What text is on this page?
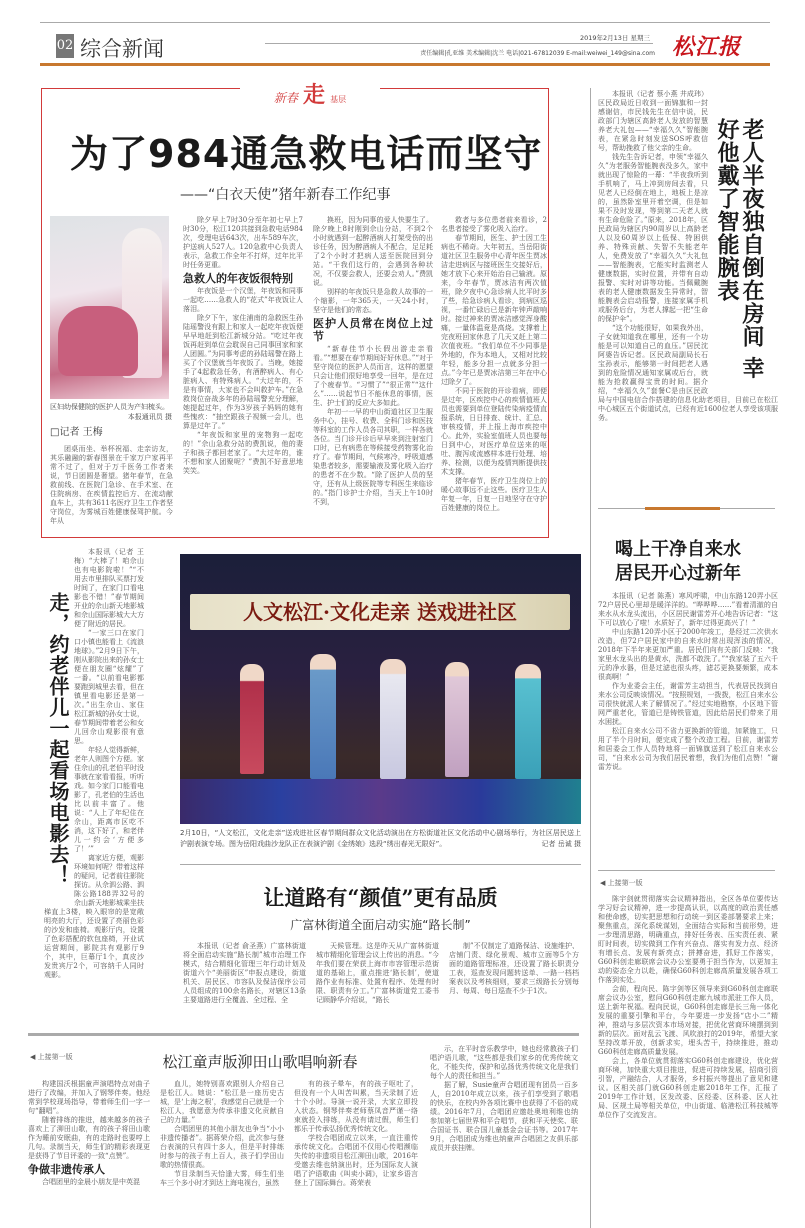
02 综合新闻	2019年2月13日 星期三
责任编辑|孔亚维 美术编辑|沈兰 电话|021-67812039 E-mail:weiwei_149@sina.com 松江报
新春 走 基层
为了984通急救电话而坚守
——“白衣天使”猪年新春工作纪事
区妇幼保健院的医护人员为产妇梳头。
本报通讯员 摄
□记者 王梅

团桌而坐、举杯祝福、走亲访友，其乐融融的新春图景在千家万户家再平常不过了，但对于万千医务工作者来说，节日团圆是奢望。猪年春节，在急救前线、在医院门急诊、在手术室、在住院病房、在疾情监控后方、在流动献血车上，共有3611名医疗卫生工作者坚守岗位，为雾城百姓健康保驾护航。今年从

除夕早上7时30分至年初七早上7时30分，松江120共接到急救电话984次，受理电话643次，出车589车次，护送病人527人。120急救中心负责人表示，急救工作全年不打烊，过年比平时任务更重。

急救人的年夜饭很特别

年夜饭是一个汉堡，年夜饭和同事一起吃……急救人的“花式”年夜饭让人落泪。

除夕下午，家住浦南的急救医生孙陆瑶警没有跟上和家人一起吃年夜饭便早早地赶到松江新城分站。“吃过年夜饭再赶到单位会耽误自己同事回家和家人团圆。”为同事考虑的孙陆瑶警在路上买了个汉堡就当年夜饭了。当晚，她接手了4起救急任务，有酒醉病人、有心脏病人、有特殊病人。“大过年的，不是有事情，大家也不会叫救护车。”在急救岗位奋战多年的孙陆瑶警充分理解，她提起过年，作为3岁孩子妈妈的她有些愧疚：“抽空跟孩子视频一会儿，也算是过年了。”

“年夜饭和家里的宠物狗一起吃的！”佘山急救分站的费凯说，他的妻子和孩子都回老家了。“大过年的，谁不想和家人团聚呢？”费凯不好意思地笑笑。

换班，因为同事的爱人快要生了。除夕晚上8时刚到佘山分站，不到2个小时就遇到一起醉酒病人打架受伤的出诊任务，因为醉酒病人不配合，足足耗了2个小时才把病人送至医院回到分站。“干我们这行的，会遇到各种状况，不仅要会救人，还要会劝人。”费凯说。

别样的年夜饭只是急救人故事的一个缩影，一年365天，一天24小时，坚守是他们的常态。

医护人员常在岗位上过节

“新春佳节小长假出游走亲看看。”“想要在春节期间好好休息。”“对于坚守岗位的医护人员而言，这样的愿望只会让他们很好地享受一回年，是在过了个疲春节。“习惯了”“很正常”“这什么”……说起节日不能休息的事情，医生、护士们的反应大多如此。

年初一一早的中山街道社区卫生服务中心，挂号、收费、全科门诊和医技等科室的工作人员各司其职，一样各就各位。当门诊开诊后早早来到注射室门口时，已有病患在等候接受药物雾化治疗了。春节期间，气候寒冷，呼吸道感染患者较多，需要输液及雾化吸入治疗的患者不在少数。“除了医护人员的坚守，还有从上级医院等专科医生来临诊的。”指门诊护士介绍，当天上午10时不到，

救者与多位患者前来看诊，2名患者接受了雾化吸入治疗。

春节期间，医生、护士因工生病也不稀奇。大年初五，当岳阳街道社区卫生服务中心青年医生贾冰洁走进病区与接班医生交接好后，她才放下心来开始治自己输液。原来，今年春节，贾冰洁有两次值班，除夕夜中心急诊病人比平时多了些，给急诊病人看诊，到病区巡视，一番忙碌后已是新年钟声敲响时。接过神来的贾冰洁感觉浑身酸痛，一量体温竟是高烧。支撑着上完夜班回家休息了几天又赶上第二次值夜班。“我们单位不少同事是外地的，作为本地人，又相对比较年轻，能多分担一点就多分担一点。”今年已是贾冰洁第三年在中心过除夕了。

不同于医院的开诊看病，即便是过年，区疾控中心的疾情值班人员也需要到单位登陆传染病疫情直报系统，日日排查、统计、汇总、审核疫情，并上报上海市疾控中心。此外，实验室值班人员也要每日到中心，对医疗单位送来的呕吐、腹泻或流感样本进行处理、培养、检测，以便为疫情判断提供技术支撑。

猪年春节，医疗卫生岗位上的暖心故事远不止这些。医疗卫生人年复一年，日复一日地坚守在守护百姓健康的岗位上。

老人半夜独自倒在房间 幸好他戴了智能腕表

本报讯（记者 蔡小燕 井成玮）区民政局近日收到一面锦旗和一封感谢信，市民钱先生在信中说，民政部门为辖区高龄老人发放的智慧养老大礼包——“幸福久久”智能腕表，在紧急时刻发送SOS呼救信号，帮助挽救了他父亲的生命。

钱先生告诉记者，申领“幸福久久”为老服务智能腕表没多久，家中就出现了惊险的一幕：“半夜我听到手机响了，马上冲到房间去看，只见老人已经倒在地上，地板上是凉的，虽然卧室里开着空调，但是如果不及时发现，等到第二天老人就有生命危险了。”原来，2018年，区民政局为辖区内90周岁以上高龄老人以及60周岁以上低保、特困供养、特殊贡献、失智不失能老年人，免费发放了“幸福久久”大礼包——智能腕表，它能实时监测老人健康数据，实时位置，并带有自动报警、实时对讲等功能。当佩戴腕表的老人健康数据发生异常时，智能腕表会启动报警，连接家属手机或服务后台，为老人撑起一把“生命的保护伞”。

“这个功能很好，如果我外出，子女就知道我在哪里，还有一个功能是可以知道自己的血压。”居民沈阿婆告诉记者。区民政局副局长石宝孙表示，能够第一时间把老人遇到的危险情况通知家属或后台，就能为抢救赢得宝贵的时间。据介绍，“幸福久久”套餐C是由区民政局与中国电信合作搭建的信息化助老项目，目前已在松江中心城区五个街道试点，已经有近1600位老人享受该项服务。

喝上干净自来水
居民开心过新年

本报讯（记者 陈燕）寒风呼啸，中山东路120弄小区72户居民心里却是暖洋洋的。“哗哗哗……”看着清澈的自来水从水龙头流出，小区居民谢雷芳开心地告诉记者：“这下可以放心了啦！水质好了，新年过得更高兴了！”

中山东路120弄小区于2000年竣工，是经过二次供水改造，但72户居民家中的自来水时常出现浑浊的情况，2018年下半年来更加严重。居民们向有关部门反映：“我家里水龙头出的是黄水，洗都不敢洗了。”“我家装了五六千元的净水器，但是过滤也很头疼，滤芯更换要频繁，成本很高啊！”

作为业委会主任，谢雷芳主动担当，代表居民找到自来水公司反映该情况。“按照规划，一拨拨，松江自来水公司很快就派人来了解情况了。”经过实地勘察，小区地下管网严重老化，管道已是铸铁管道，因此给居民们带来了用水困扰。

松江自来水公司不省力更换新的管道，加紧施工，只用了半个月时间，便完成了整个改造工程。目前，谢雷芳和居委会工作人员特地将一面锦旗送到了松江自来水公司，“自来水公司为我们居民着想，我们为他们点赞！”谢雷芳说。

◀ 上接第一版

陈宇剑就贯彻落实会议精神指出，全区各单位要传达学习好会议精神，进一步提高认识，以高度的政治责任感和使命感，切实把思想和行动统一到区委部署要求上来；聚焦重点，深化系统谋划，全面结合实际和当前形势，进一步理清思路，明确重点，排好任务表、压实责任表、紧盯时间表，切实做到工作有兴奋点、落实有发力点、经济有增长点、发展有新亮点；拼搏奋进，抓好工作落实，G60科创走廊联席会议办公室要勇于担当作为，以更加主动的姿态全力以赴，确保G60科创走廊高质量发展各项工作落到实处。

会前，程向民、陈宇剑等区领导来到G60科创走廊联席会议办公室，慰问G60科创走廊九城市派驻工作人员，送上新年祝福。程向民说，G60科创走廊是长三角一体化发展的重要引擎和平台，今年要进一步发扬“店小二”精神，推动与多层次资本市场对接，把优化营商环境摆到到新的层次。面对乱云飞渡、风吹浪打的2019年，希望大家坚持改革开放，创新求实，埋头苦干，持续推进，推动G60科创走廊高质量发展。

会上，各单位就贯彻落实G60科创走廊建设，优化营商环境，加快重大项目推进，促进可持续发展，招商引资引智，产融结合，人才服务，乡村振兴等提出了意见和建议。区相关部门就G60科创走廊2018年工作，汇报了2019年工作计划，区发改委、区经委、区科委、区人社局、区规土局等相关单位，中山街道、临港松江科技城等单位作了交流发言。

走，约老伴儿一起看场电影去！

本报讯（记者 王梅）“大棒了！咱佘山也有电影院啦！”“不用去市里排队买票打发时间了，在家门口看电影也不错！”春节期间开业的佘山新天地影城和佘山国际影城大大方便了附近的居民。

“一家三口在家门口小镇也能看上《流浪地球》。”2月9日下午，刚从影院出来的孙女士便在朋友圈“炫耀”了一番。“以前看电影都要跑到城里去看，但在镇里看电影还是第一次。”出生佘山、家住松江新城的孙女士说，春节期间带着老公和女儿回佘山观影很有意思。

年轻人觉得新鲜，老年人则图个方便。家住佘山的孔老伯平时没事就在家看看报，听听戏。如今家门口能看电影了，孔老伯的生活也比以前丰富了。他说：“人上了年纪住在佘山，距离市区吃不消，这下好了，和老伴儿一约会‘方便多了！’”

离家近方便，观影环境如何呢？带着这样的疑问，记者前往影院探访。从佘泗公路、泗陈公路188弄32号的佘山新天地影城乘坐扶梯直上3楼，映入眼帘的是宽敞明亮的大厅，还设置了亮丽色彩的沙发和座椅。观影厅内，设置了色彩搭配的软包座椅，开业试运营期间，影院共有观影厅9个，其中，巨幕厅1个，真皮沙发贵宾厅2个，可容纳千人同时观影。

人文松江·文化走亲 送戏进社区
2月10日，“人文松江，文化走亲”送戏进社区春节期间群众文化活动演出在方松街道社区文化活动中心剧场举行，为社区居民送上沪剧表演专场。图为岳阳戏曲沙龙队正在表演沪剧《金绣娘》选段“绣出春光无限好”。	记者 岳诚 摄
让道路有“颜值”更有品质
广富林街道全面启动实施“路长制”

本报讯（记者 俞圣燕）广富林街道将全面启动实施“路长制”城市治理工作模式，结合精细化管理三年行动计划及街道六个“美丽街区”申报点建设，街道机关、居民区、市容队及保洁保序公司人员组成的100余名路长，对辖区13条主要道路进行全覆盖、全过程、全

天候管理。这是昨天从广富林街道城市精细化管理会议上传出的消息。“今年我们要在荣获上海市市容管理示范街道的基础上，重点推进‘路长制’，使道路作业有标准、处置有程序、处理有时限、职责有分工。”广富林街道党工委书记顾静华介绍说，“路长

制”不仅制定了道路保洁、设施维护、店铺门责、绿化景观、城市立面等5个方面的道路管理标准，还设置了路长职责分工表，巡查发现问题转送单、一路一档档案表以及考核细则，要求三级路长分别每月、每周、每日巡查不少于1次。

◀ 上接第一版	松江童声版泖田山歌唱响新春

构建国沃根据童声演唱特点对曲子进行了改编，并加入了钢琴伴奏。他经常到学校现场指导，带着师生们一字一句“翻唱”。

随着排练的推进，越来越多的孩子喜欢上了泖田山歌，有的孩子将田山歌作为睡前安眠曲，有的走路时也要哼上几句。录制当天，师生们的精彩表现更是获得了节目评委的一致“点赞”。

争做非遗传承人

合唱团里的金晨小朋友是中英混

血儿，她特别喜欢跟别人介绍自己是松江人。她说：“松江是一座历史古城，是‘上海之根’，我感觉自己就是一个松江人，我愿意为传承非遗文化贡献自己的力量。”

合唱团里的其他小朋友也争当“小小非遗传播者”。据蒋荣介绍，此次参与登台表演的只有四十多人，但是平时排练时参与的孩子有上百人，孩子们学田山歌的热情很高。

节目录制当天恰逢大雾，师生们坐车三个多小时才到达上海电视台，虽然

有的孩子晕车，有的孩子呕吐了，但没有一个人叫苦叫累，当天录制了近十个小时。导演一说开录，大家立即投入状态。钢琴伴奏老师蔡凤音严谨一络束就投入排练，从没有请过假，师生们都乐于传承弘扬优秀传统文化。

学校合唱团成立以来，一直注重传承传统文化。合唱团不仅用心传唱濒临失传的非遗项目松江泖田山歌，2016年受邀去维也纳演出时，还为国际友人演唱了沪语歌曲《叫卖小调》，让家乡语言登上了国际舞台。蒋荣表

示，在平时音乐教学中，她也经常教孩子们唱沪语儿歌，“这些都是我们家乡的优秀传统文化，不能失传，保护和弘扬优秀传统文化是我们每个人的责任和担当。”

据了解，Susie童声合唱团现有团员一百多人，自2010年成立以来，孩子们享受到了歌唱的快乐，在校内外各项比赛中也获得了不俗的成绩。2016年7月，合唱团应邀赴奥地利维也纳参加第七届世界和平合唱节，获和平天使奖、联合国证书、联合国儿童基金会证书等。2017年9月，合唱团成为维也纳童声合唱团之友俱乐部成员并获挂牌。
